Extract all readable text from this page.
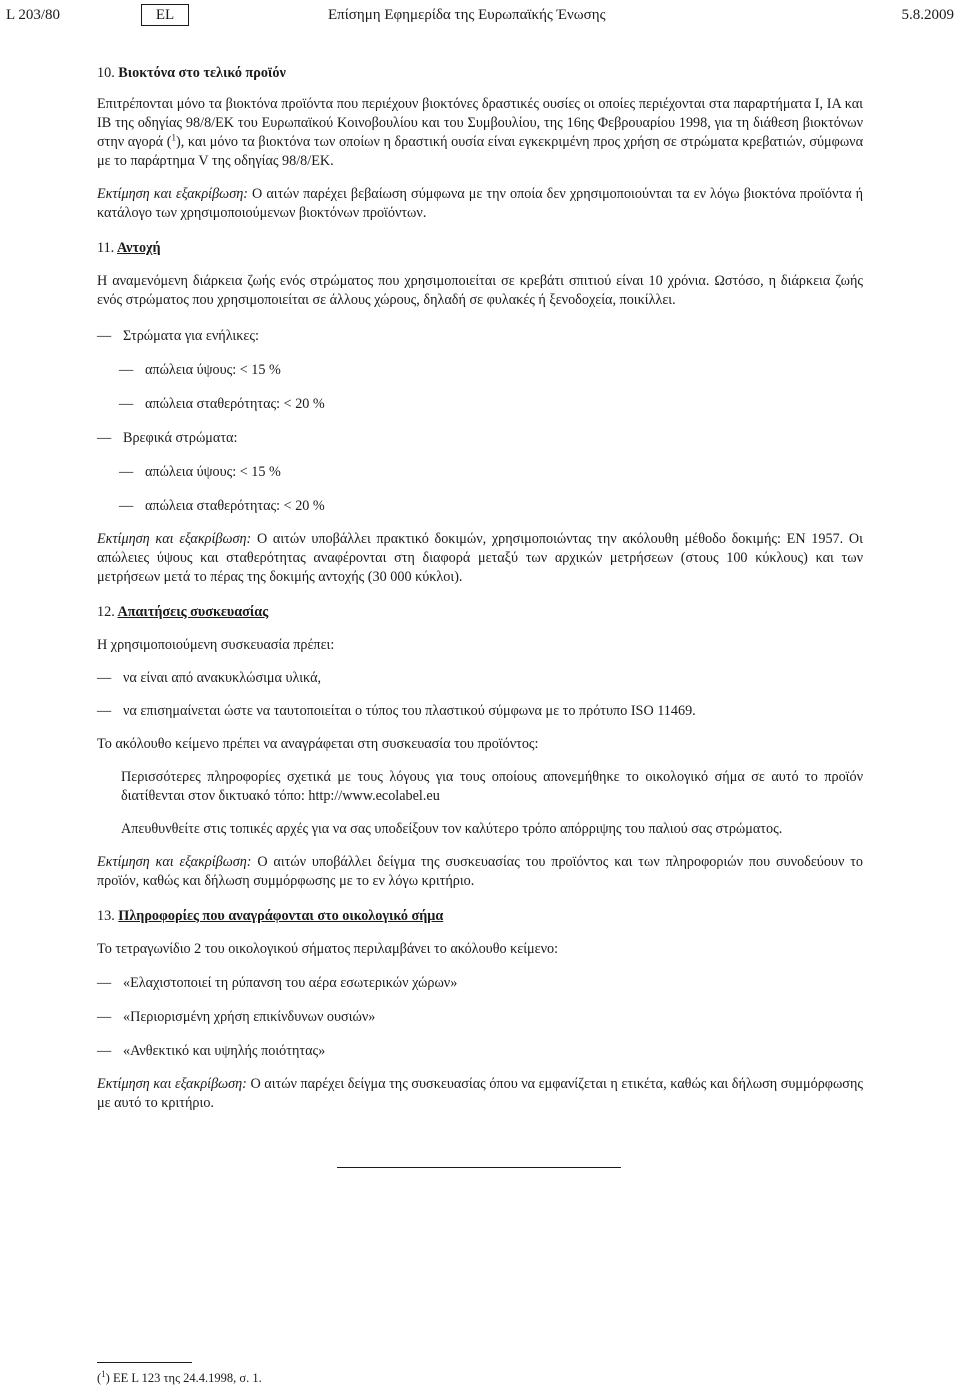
L 203/80	EL	Επίσημη Εφημερίδα της Ευρωπαϊκής Ένωσης	5.8.2009

10. Βιοκτόνα στο τελικό προϊόν

Επιτρέπονται μόνο τα βιοκτόνα προϊόντα που περιέχουν βιοκτόνες δραστικές ουσίες οι οποίες περιέχονται στα παραρτήματα Ι, ΙΑ και ΙΒ της οδηγίας 98/8/ΕΚ του Ευρωπαϊκού Κοινοβουλίου και του Συμβουλίου, της 16ης Φεβρουαρίου 1998, για τη διάθεση βιοκτόνων στην αγορά ($^1$), και μόνο τα βιοκτόνα των οποίων η δραστική ουσία είναι εγκεκριμένη προς χρήση σε στρώματα κρεβατιών, σύμφωνα με το παράρτημα V της οδηγίας 98/8/ΕΚ.

Εκτίμηση και εξακρίβωση: Ο αιτών παρέχει βεβαίωση σύμφωνα με την οποία δεν χρησιμοποιούνται τα εν λόγω βιοκτόνα προϊόντα ή κατάλογο των χρησιμοποιούμενων βιοκτόνων προϊόντων.

11. Αντοχή

Η αναμενόμενη διάρκεια ζωής ενός στρώματος που χρησιμοποιείται σε κρεβάτι σπιτιού είναι 10 χρόνια. Ωστόσο, η διάρκεια ζωής ενός στρώματος που χρησιμοποιείται σε άλλους χώρους, δηλαδή σε φυλακές ή ξενοδοχεία, ποικίλλει.

— Στρώματα για ενήλικες:

— απώλεια ύψους: < 15 %

— απώλεια σταθερότητας: < 20 %

— Βρεφικά στρώματα:

— απώλεια ύψους: < 15 %

— απώλεια σταθερότητας: < 20 %

Εκτίμηση και εξακρίβωση: Ο αιτών υποβάλλει πρακτικό δοκιμών, χρησιμοποιώντας την ακόλουθη μέθοδο δοκιμής: ΕΝ 1957. Οι απώλειες ύψους και σταθερότητας αναφέρονται στη διαφορά μεταξύ των αρχικών μετρήσεων (στους 100 κύκλους) και των μετρήσεων μετά το πέρας της δοκιμής αντοχής (30 000 κύκλοι).

12. Απαιτήσεις συσκευασίας

Η χρησιμοποιούμενη συσκευασία πρέπει:

— να είναι από ανακυκλώσιμα υλικά,

— να επισημαίνεται ώστε να ταυτοποιείται ο τύπος του πλαστικού σύμφωνα με το πρότυπο ISO 11469.

Το ακόλουθο κείμενο πρέπει να αναγράφεται στη συσκευασία του προϊόντος:

Περισσότερες πληροφορίες σχετικά με τους λόγους για τους οποίους απονεμήθηκε το οικολογικό σήμα σε αυτό το προϊόν διατίθενται στον δικτυακό τόπο: http://www.ecolabel.eu

Απευθυνθείτε στις τοπικές αρχές για να σας υποδείξουν τον καλύτερο τρόπο απόρριψης του παλιού σας στρώματος.

Εκτίμηση και εξακρίβωση: Ο αιτών υποβάλλει δείγμα της συσκευασίας του προϊόντος και των πληροφοριών που συνοδεύουν το προϊόν, καθώς και δήλωση συμμόρφωσης με το εν λόγω κριτήριο.

13. Πληροφορίες που αναγράφονται στο οικολογικό σήμα

Το τετραγωνίδιο 2 του οικολογικού σήματος περιλαμβάνει το ακόλουθο κείμενο:

— «Ελαχιστοποιεί τη ρύπανση του αέρα εσωτερικών χώρων»

— «Περιορισμένη χρήση επικίνδυνων ουσιών»

— «Ανθεκτικό και υψηλής ποιότητας»

Εκτίμηση και εξακρίβωση: Ο αιτών παρέχει δείγμα της συσκευασίας όπου να εμφανίζεται η ετικέτα, καθώς και δήλωση συμμόρφωσης με αυτό το κριτήριο.

($^1$) ΕΕ L 123 της 24.4.1998, σ. 1.
